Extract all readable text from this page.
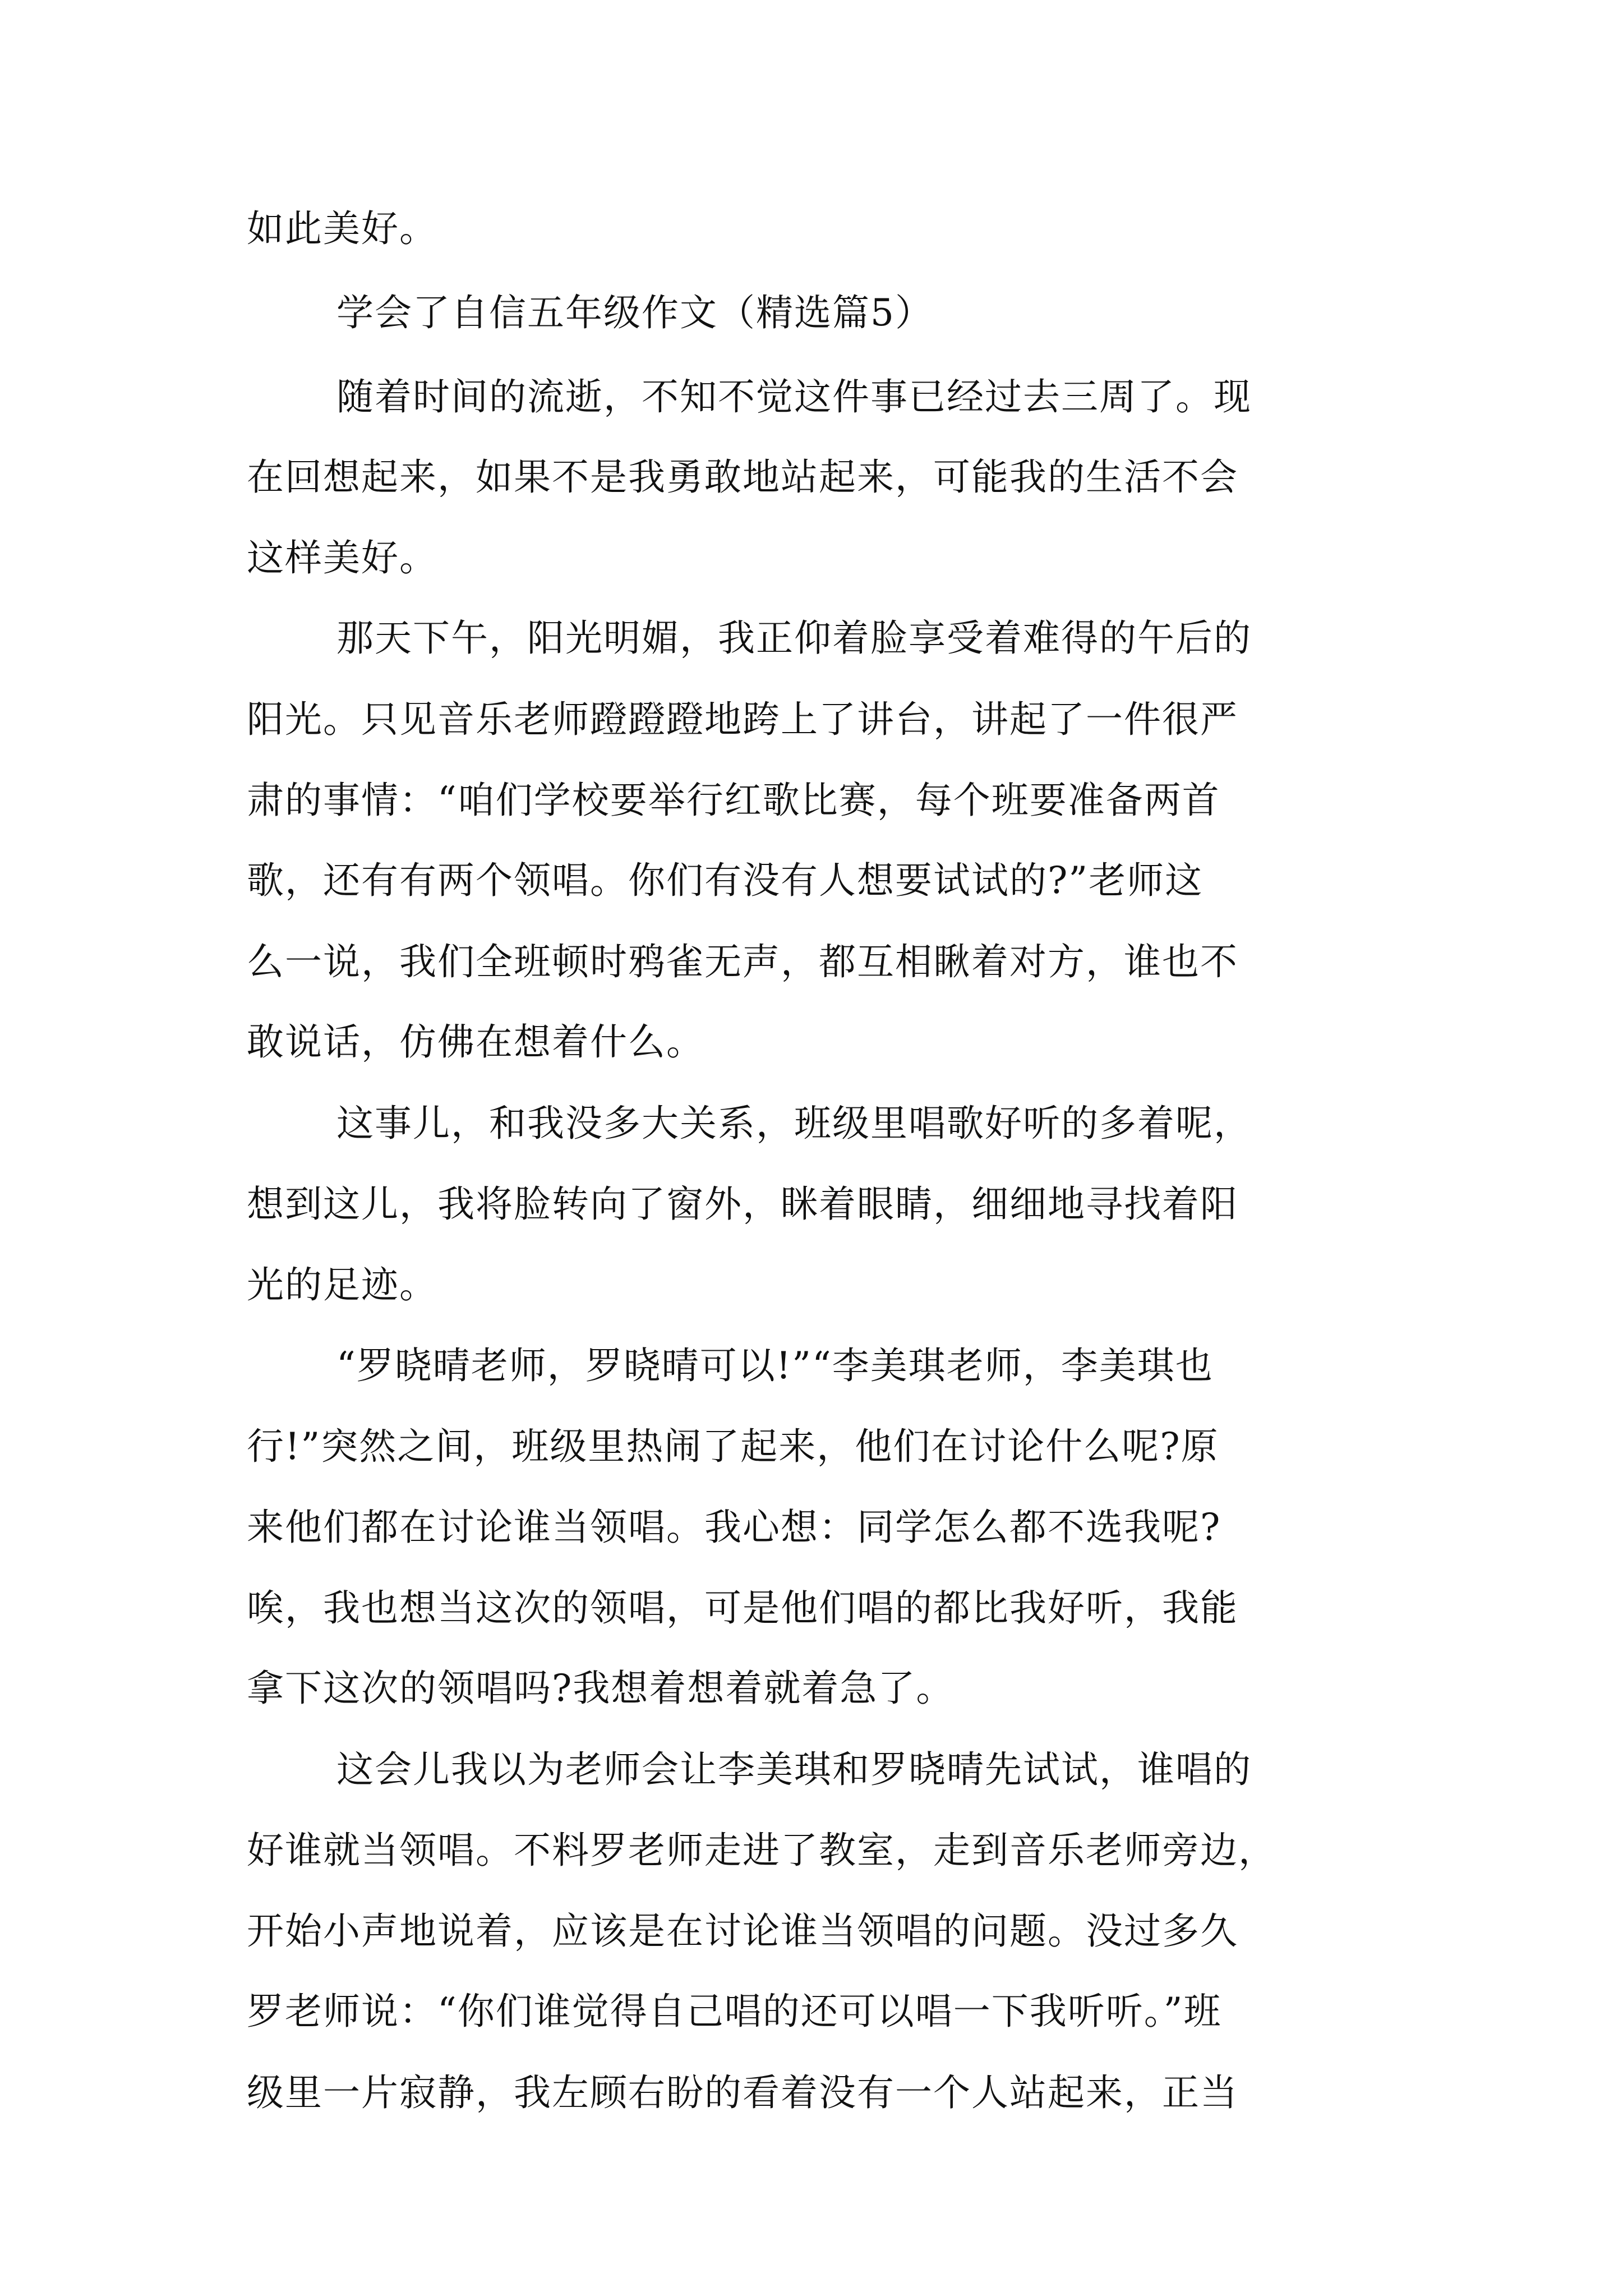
如此美好。

学会了自信五年级作文（精选篇5）

随着时间的流逝，不知不觉这件事已经过去三周了。现

在回想起来，如果不是我勇敢地站起来，可能我的生活不会

这样美好。

那天下午，阳光明媚，我正仰着脸享受着难得的午后的

阳光。只见音乐老师蹬蹬蹬地跨上了讲台，讲起了一件很严

肃的事情：“咱们学校要举行红歌比赛，每个班要准备两首

歌，还有有两个领唱。你们有没有人想要试试的?”老师这

么一说，我们全班顿时鸦雀无声，都互相瞅着对方，谁也不

敢说话，仿佛在想着什么。

这事儿，和我没多大关系，班级里唱歌好听的多着呢，

想到这儿，我将脸转向了窗外，眯着眼睛，细细地寻找着阳

光的足迹。

“罗晓晴老师，罗晓晴可以!”“李美琪老师，李美琪也

行!”突然之间，班级里热闹了起来，他们在讨论什么呢?原

来他们都在讨论谁当领唱。我心想：同学怎么都不选我呢?

唉，我也想当这次的领唱，可是他们唱的都比我好听，我能

拿下这次的领唱吗?我想着想着就着急了。

这会儿我以为老师会让李美琪和罗晓晴先试试，谁唱的

好谁就当领唱。不料罗老师走进了教室，走到音乐老师旁边，

开始小声地说着，应该是在讨论谁当领唱的问题。没过多久

罗老师说：“你们谁觉得自己唱的还可以唱一下我听听。”班

级里一片寂静，我左顾右盼的看着没有一个人站起来，正当
